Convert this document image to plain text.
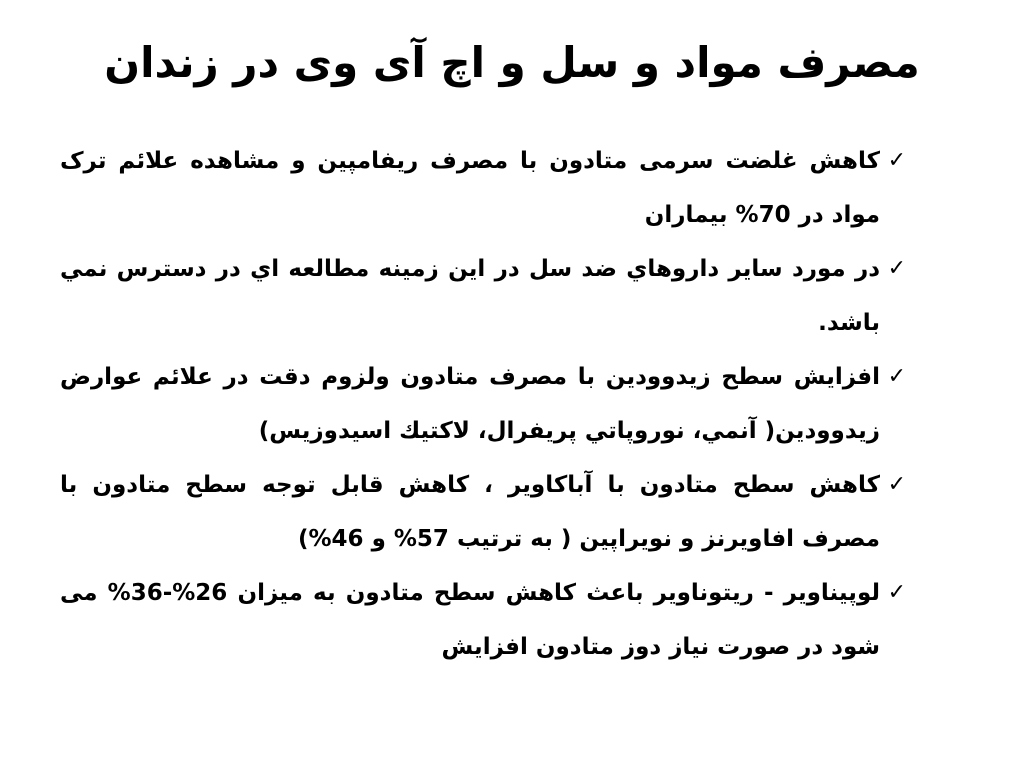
مصرف مواد و سل و اچ آی وی در زندان
✓
کاهش غلضت سرمی متادون با مصرف ریفامپین و مشاهده علائم ترک مواد در 70% بیماران
✓
در مورد ساير داروهاي ضد سل در اين زمينه مطالعه اي در دسترس نمي باشد.
✓
افزايش سطح زيدوودين با مصرف متادون ولزوم دقت در علائم عوارض زيدوودين( آنمي، نوروپاتي پريفرال، لاكتيك اسيدوزيس)
✓
کاهش سطح متادون با آباکاویر ، کاهش قابل توجه سطح متادون با مصرف افاویرنز و نویراپین ( به ترتیب 57% و 46%)
✓
لوپیناویر - ریتوناویر باعث کاهش سطح متادون به میزان 26%-36% می شود در صورت نیاز دوز متادون افزایش
